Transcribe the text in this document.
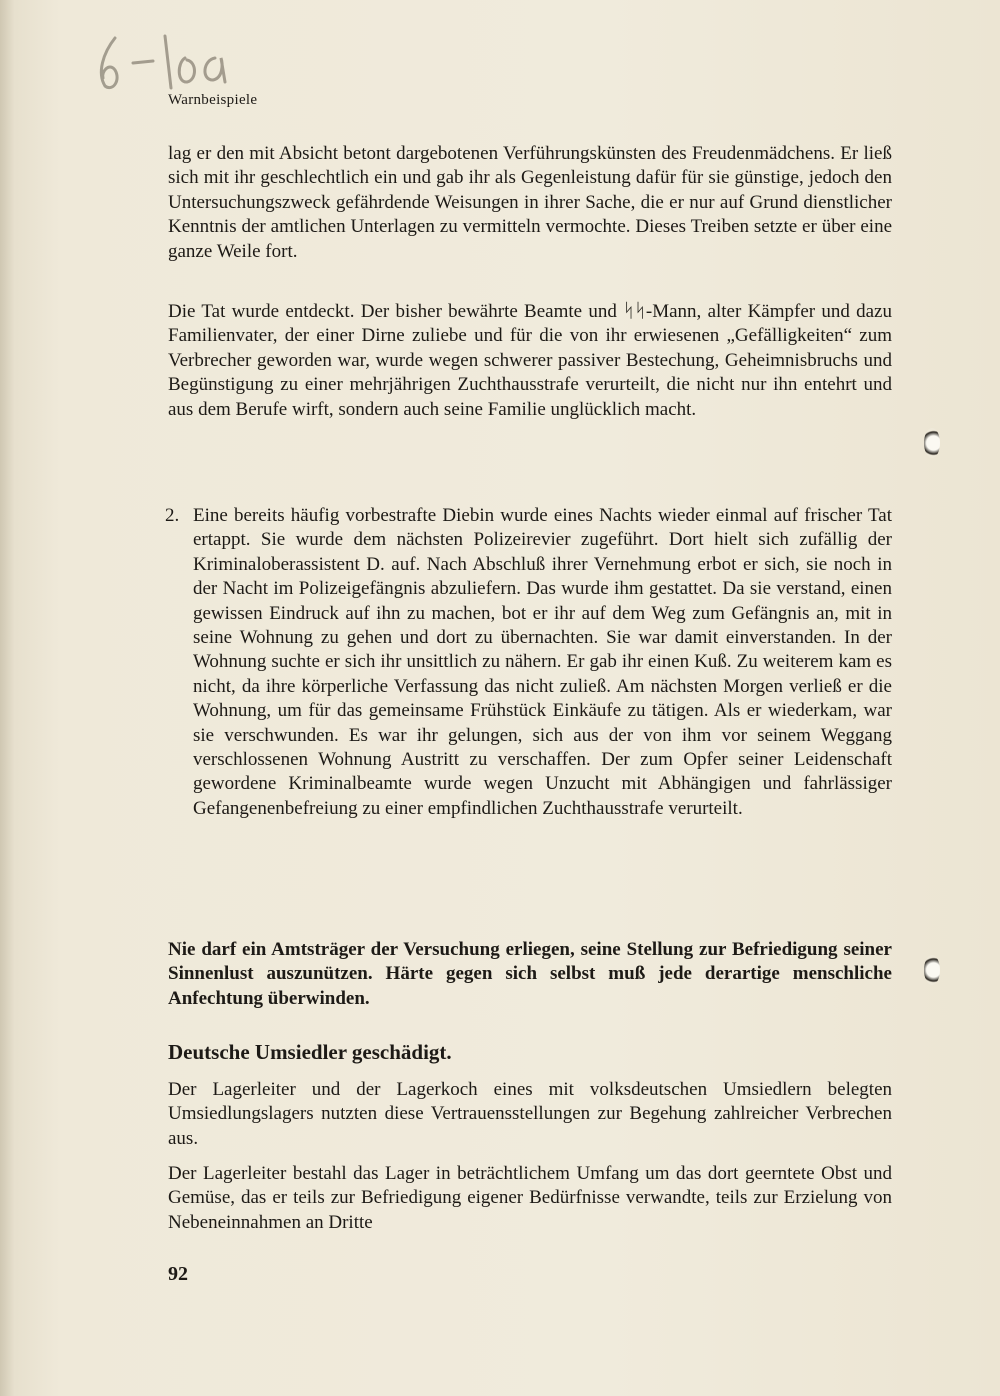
Warnbeispiele

lag er den mit Absicht betont dargebotenen Verführungskünsten des Freudenmädchens. Er ließ sich mit ihr geschlechtlich ein und gab ihr als Gegenleistung dafür für sie günstige, jedoch den Untersuchungszweck gefährdende Weisungen in ihrer Sache, die er nur auf Grund dienstlicher Kenntnis der amtlichen Unterlagen zu vermitteln vermochte. Dieses Treiben setzte er über eine ganze Weile fort.

Die Tat wurde entdeckt. Der bisher bewährte Beamte und ᛋᛋ-Mann, alter Kämpfer und dazu Familienvater, der einer Dirne zuliebe und für die von ihr erwiesenen „Gefälligkeiten“ zum Verbrecher geworden war, wurde wegen schwerer passiver Bestechung, Geheimnisbruchs und Begünstigung zu einer mehrjährigen Zuchthausstrafe verurteilt, die nicht nur ihn entehrt und aus dem Berufe wirft, sondern auch seine Familie unglücklich macht.

2. Eine bereits häufig vorbestrafte Diebin wurde eines Nachts wieder einmal auf frischer Tat ertappt. Sie wurde dem nächsten Polizeirevier zugeführt. Dort hielt sich zufällig der Kriminaloberassistent D. auf. Nach Abschluß ihrer Vernehmung erbot er sich, sie noch in der Nacht im Polizeigefängnis abzuliefern. Das wurde ihm gestattet. Da sie verstand, einen gewissen Eindruck auf ihn zu machen, bot er ihr auf dem Weg zum Gefängnis an, mit in seine Wohnung zu gehen und dort zu übernachten. Sie war damit einverstanden. In der Wohnung suchte er sich ihr unsittlich zu nähern. Er gab ihr einen Kuß. Zu weiterem kam es nicht, da ihre körperliche Verfassung das nicht zuließ. Am nächsten Morgen verließ er die Wohnung, um für das gemeinsame Frühstück Einkäufe zu tätigen. Als er wiederkam, war sie verschwunden. Es war ihr gelungen, sich aus der von ihm vor seinem Weggang verschlossenen Wohnung Austritt zu verschaffen. Der zum Opfer seiner Leidenschaft gewordene Kriminalbeamte wurde wegen Unzucht mit Abhängigen und fahrlässiger Gefangenenbefreiung zu einer empfindlichen Zuchthausstrafe verurteilt.

Nie darf ein Amtsträger der Versuchung erliegen, seine Stellung zur Befriedigung seiner Sinnenlust auszunützen. Härte gegen sich selbst muß jede derartige menschliche Anfechtung überwinden.

Deutsche Umsiedler geschädigt.

Der Lagerleiter und der Lagerkoch eines mit volksdeutschen Umsiedlern belegten Umsiedlungslagers nutzten diese Vertrauensstellungen zur Begehung zahlreicher Verbrechen aus.

Der Lagerleiter bestahl das Lager in beträchtlichem Umfang um das dort geerntete Obst und Gemüse, das er teils zur Befriedigung eigener Bedürfnisse verwandte, teils zur Erzielung von Nebeneinnahmen an Dritte

92
